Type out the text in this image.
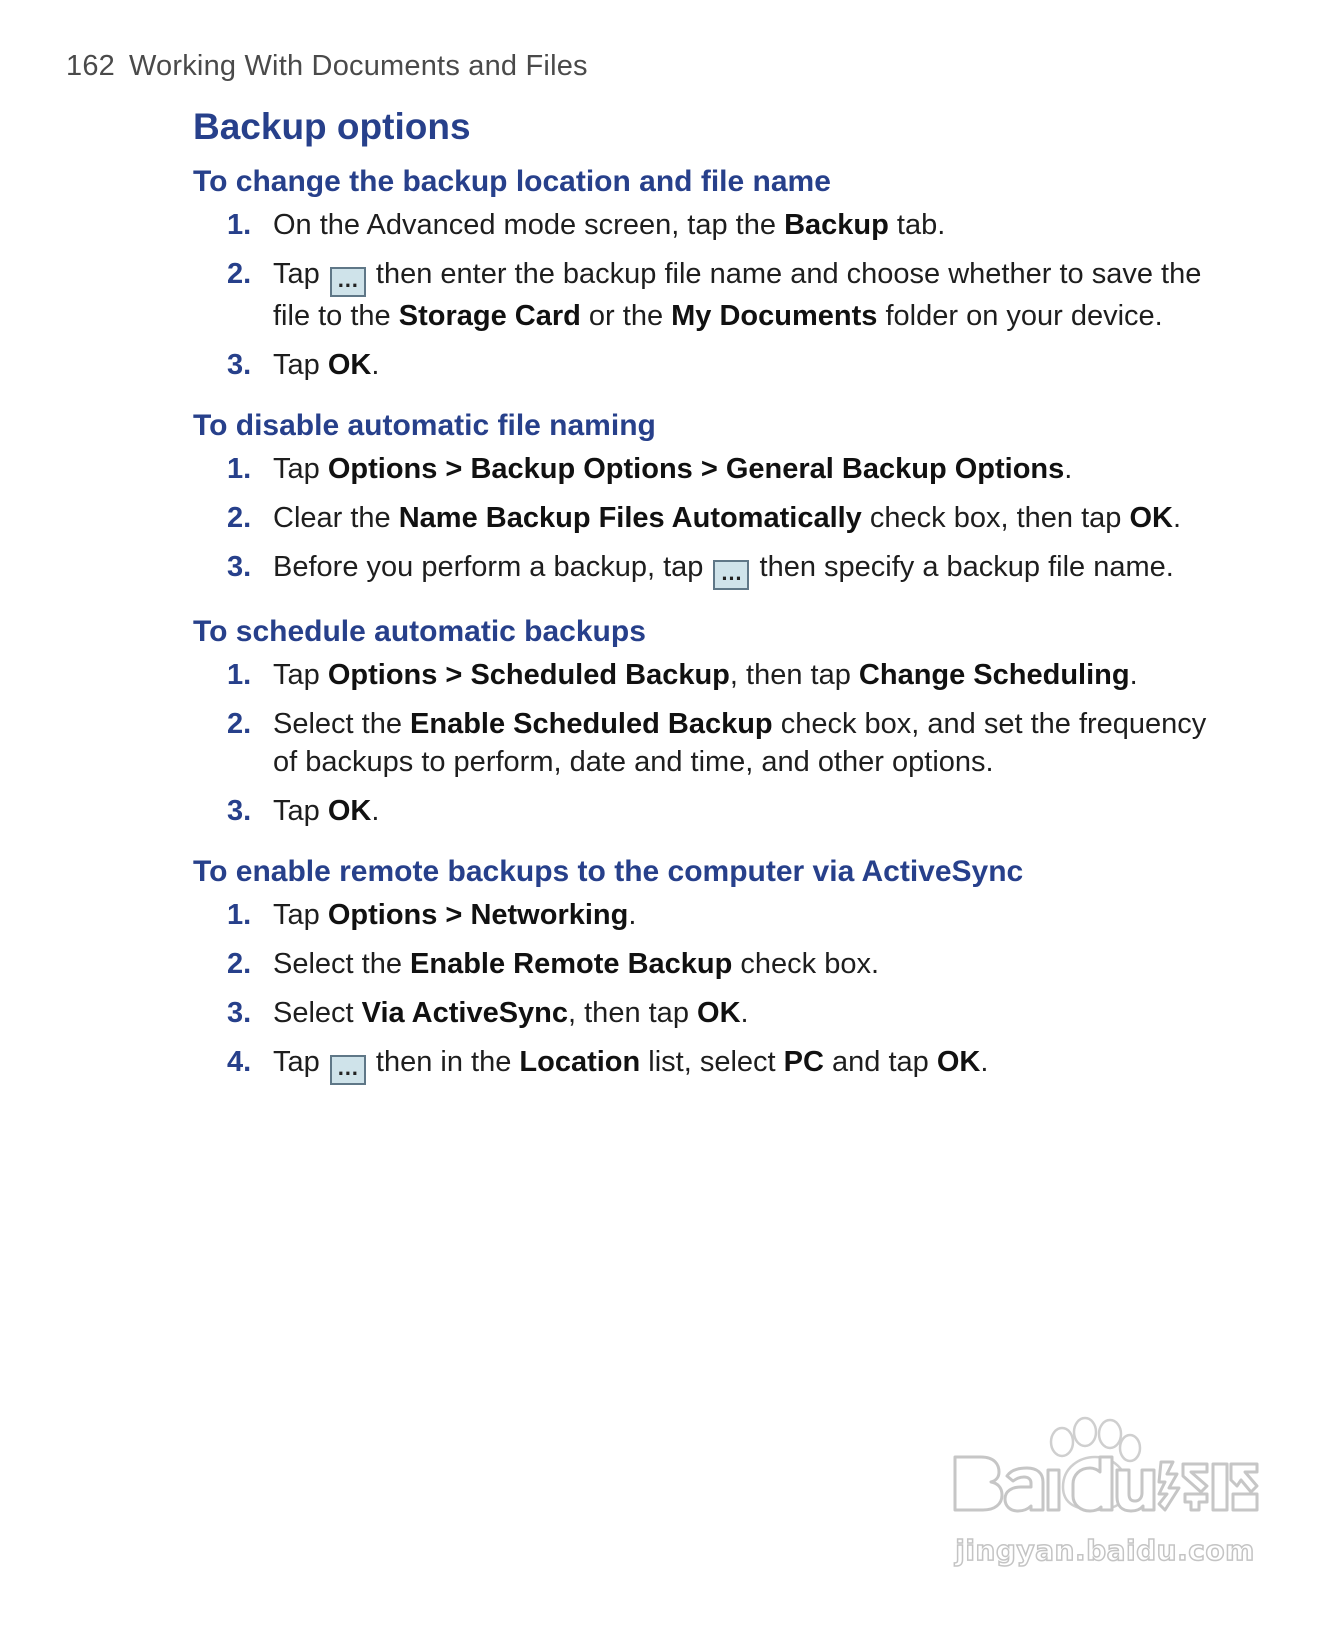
162 Working With Documents and Files
Backup options
To change the backup location and file name
1. On the Advanced mode screen, tap the Backup tab.
2. Tap … then enter the backup file name and choose whether to save the file to the Storage Card or the My Documents folder on your device.
3. Tap OK.
To disable automatic file naming
1. Tap Options > Backup Options > General Backup Options.
2. Clear the Name Backup Files Automatically check box, then tap OK.
3. Before you perform a backup, tap … then specify a backup file name.
To schedule automatic backups
1. Tap Options > Scheduled Backup, then tap Change Scheduling.
2. Select the Enable Scheduled Backup check box, and set the frequency of backups to perform, date and time, and other options.
3. Tap OK.
To enable remote backups to the computer via ActiveSync
1. Tap Options > Networking.
2. Select the Enable Remote Backup check box.
3. Select Via ActiveSync, then tap OK.
4. Tap … then in the Location list, select PC and tap OK.
jingyan.baidu.com
